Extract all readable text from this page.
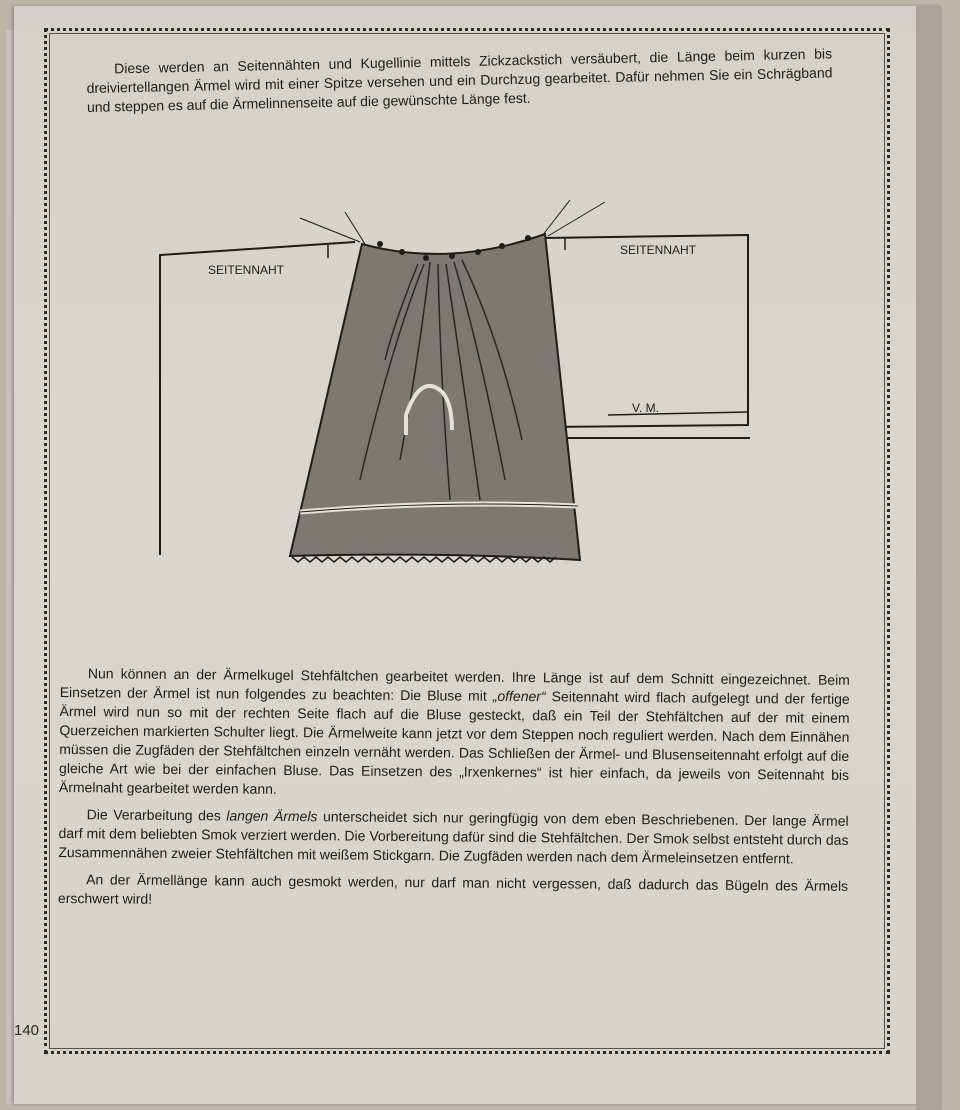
Diese werden an Seitennähten und Kugellinie mittels Zickzackstich versäubert, die Länge beim kurzen bis dreiviertellangen Ärmel wird mit einer Spitze versehen und ein Durchzug gearbeitet. Dafür nehmen Sie ein Schrägband und steppen es auf die Ärmelinnenseite auf die gewünschte Länge fest.

SEITENNAHT
SEITENNAHT
V. M.

Nun können an der Ärmelkugel Stehfältchen gearbeitet werden. Ihre Länge ist auf dem Schnitt eingezeichnet. Beim Einsetzen der Ärmel ist nun folgendes zu beachten: Die Bluse mit „offener“ Seitennaht wird flach aufgelegt und der fertige Ärmel wird nun so mit der rechten Seite flach auf die Bluse gesteckt, daß ein Teil der Stehfältchen auf der mit einem Querzeichen markierten Schulter liegt. Die Ärmelweite kann jetzt vor dem Steppen noch reguliert werden. Nach dem Einnähen müssen die Zugfäden der Stehfältchen einzeln vernäht werden. Das Schließen der Ärmel- und Blusenseitennaht erfolgt auf die gleiche Art wie bei der einfachen Bluse. Das Einsetzen des „Irxenkernes“ ist hier einfach, da jeweils von Seitennaht bis Ärmelnaht gearbeitet werden kann.

Die Verarbeitung des langen Ärmels unterscheidet sich nur geringfügig von dem eben Beschriebenen. Der lange Ärmel darf mit dem beliebten Smok verziert werden. Die Vorbereitung dafür sind die Stehfältchen. Der Smok selbst entsteht durch das Zusammennähen zweier Stehfältchen mit weißem Stickgarn. Die Zugfäden werden nach dem Ärmeleinsetzen entfernt.

An der Ärmellänge kann auch gesmokt werden, nur darf man nicht vergessen, daß dadurch das Bügeln des Ärmels erschwert wird!

140
